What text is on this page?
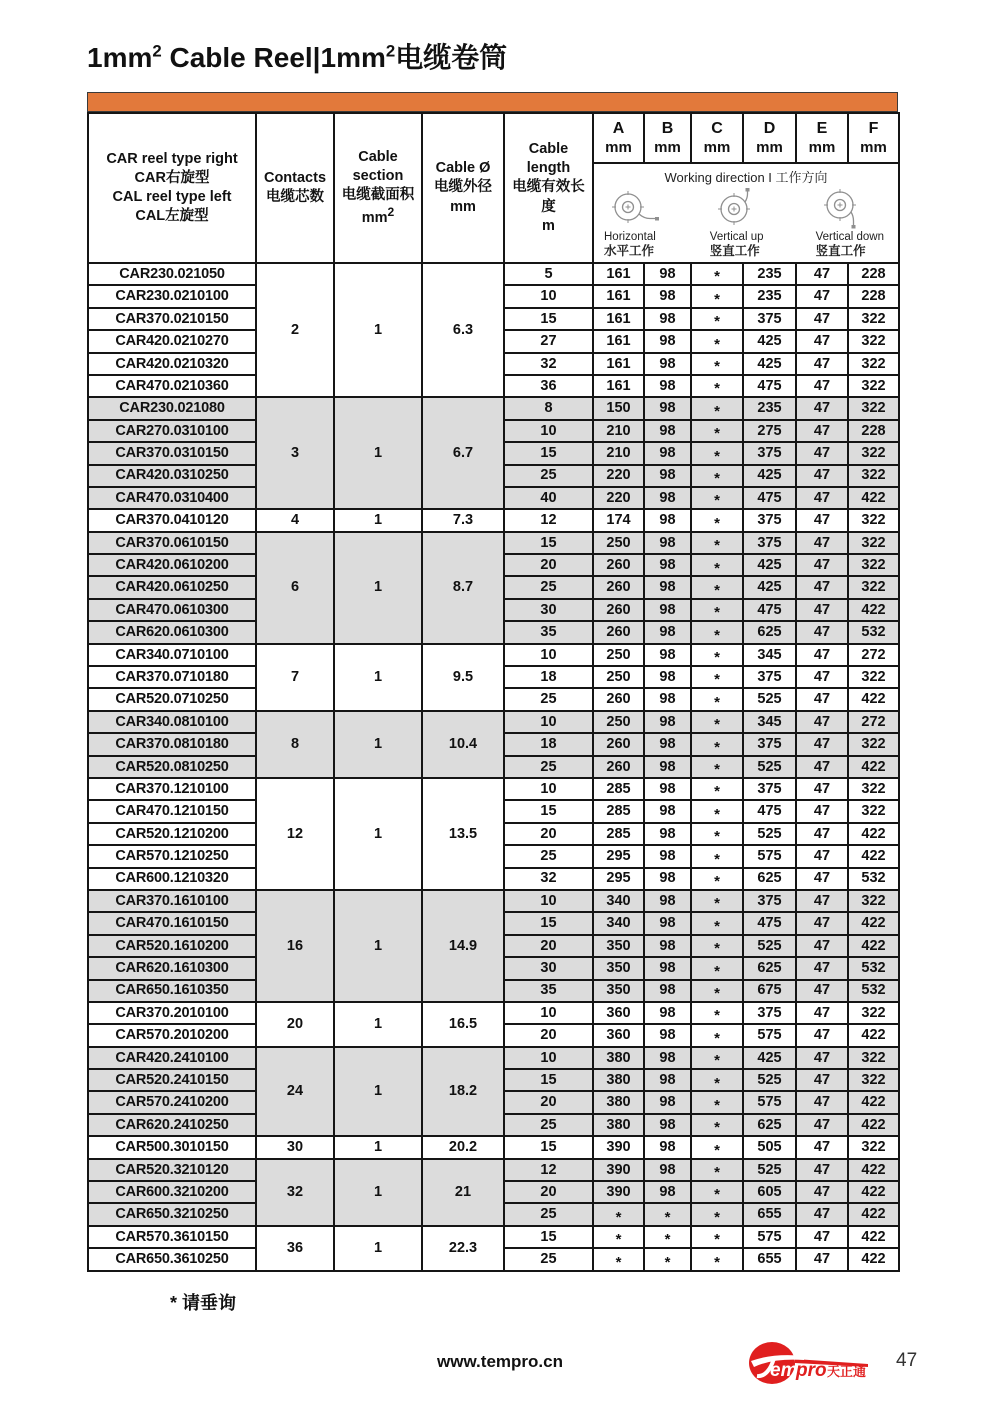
$1mm^2$ Cable $Reel|1mm^2$电缆卷筒
CAR reel type right
CAR右旋型
CAL reel type left
CAL左旋型

Contacts
电缆芯数

Cable
section
电缆截面积
$mm^2$

Cable Ø
电缆外径
mm

Cable
length
电缆有效长
度
m

A
mm

B
mm

C
mm

D
mm

E
mm

F
mm

Working direction I 工作方向
Horizontal
水平工作
Vertical up
竖直工作
Vertical down
竖直工作

CAR230.021050	2	1	6.3	5	161	98	*	235	47	228
CAR230.0210100				10	161	98	*	235	47	228
CAR370.0210150				15	161	98	*	375	47	322
CAR420.0210270				27	161	98	*	425	47	322
CAR420.0210320				32	161	98	*	425	47	322
CAR470.0210360				36	161	98	*	475	47	322
CAR230.021080	3	1	6.7	8	150	98	*	235	47	322
CAR270.0310100				10	210	98	*	275	47	228
CAR370.0310150				15	210	98	*	375	47	322
CAR420.0310250				25	220	98	*	425	47	322
CAR470.0310400				40	220	98	*	475	47	422
CAR370.0410120	4	1	7.3	12	174	98	*	375	47	322
CAR370.0610150	6	1	8.7	15	250	98	*	375	47	322
CAR420.0610200				20	260	98	*	425	47	322
CAR420.0610250				25	260	98	*	425	47	322
CAR470.0610300				30	260	98	*	475	47	422
CAR620.0610300				35	260	98	*	625	47	532
CAR340.0710100	7	1	9.5	10	250	98	*	345	47	272
CAR370.0710180				18	250	98	*	375	47	322
CAR520.0710250				25	260	98	*	525	47	422
CAR340.0810100	8	1	10.4	10	250	98	*	345	47	272
CAR370.0810180				18	260	98	*	375	47	322
CAR520.0810250				25	260	98	*	525	47	422
CAR370.1210100	12	1	13.5	10	285	98	*	375	47	322
CAR470.1210150				15	285	98	*	475	47	322
CAR520.1210200				20	285	98	*	525	47	422
CAR570.1210250				25	295	98	*	575	47	422
CAR600.1210320				32	295	98	*	625	47	532
CAR370.1610100	16	1	14.9	10	340	98	*	375	47	322
CAR470.1610150				15	340	98	*	475	47	422
CAR520.1610200				20	350	98	*	525	47	422
CAR620.1610300				30	350	98	*	625	47	532
CAR650.1610350				35	350	98	*	675	47	532
CAR370.2010100	20	1	16.5	10	360	98	*	375	47	322
CAR570.2010200				20	360	98	*	575	47	422
CAR420.2410100	24	1	18.2	10	380	98	*	425	47	322
CAR520.2410150				15	380	98	*	525	47	322
CAR570.2410200				20	380	98	*	575	47	422
CAR620.2410250				25	380	98	*	625	47	422
CAR500.3010150	30	1	20.2	15	390	98	*	505	47	322
CAR520.3210120	32	1	21	12	390	98	*	525	47	422
CAR600.3210200				20	390	98	*	605	47	422
CAR650.3210250				25	*	*	*	655	47	422
CAR570.3610150	36	1	22.3	15	*	*	*	575	47	422
CAR650.3610250				25	*	*	*	655	47	422
* 请垂询
www.tempro.cn	em
pro 天正通
47
